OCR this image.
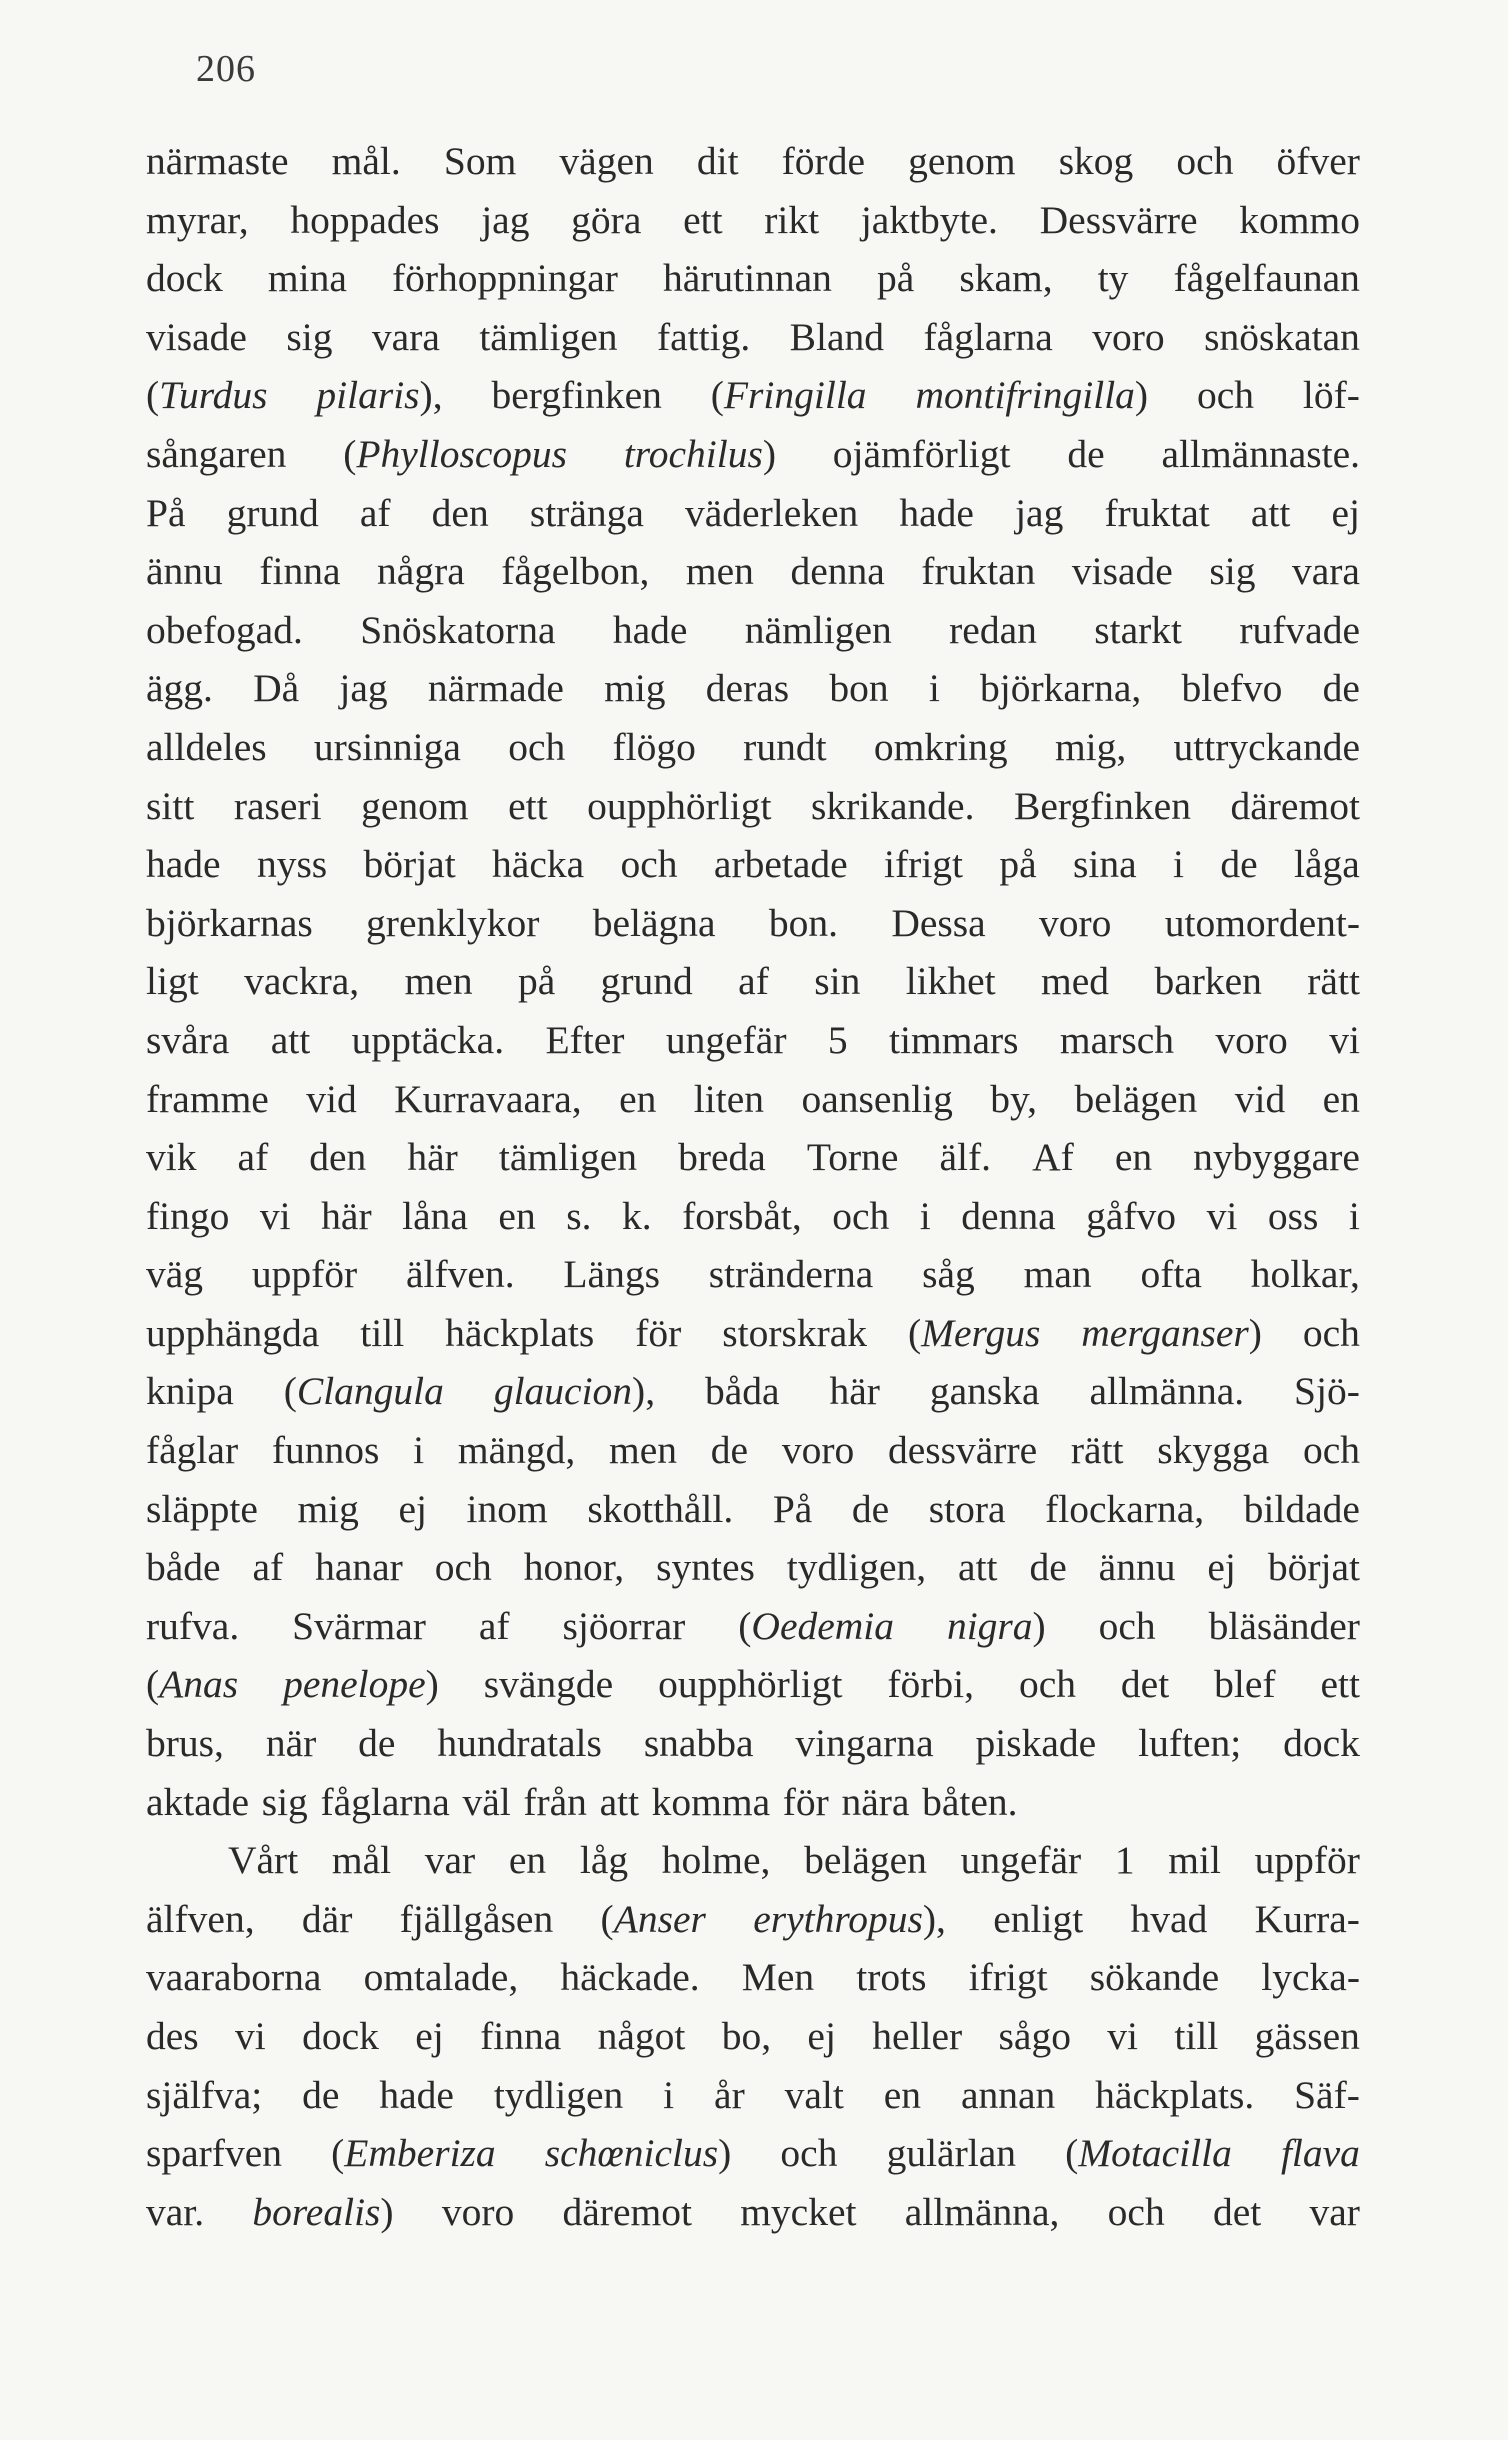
206
närmaste mål. Som vägen dit förde genom skog och öfver
myrar, hoppades jag göra ett rikt jaktbyte. Dessvärre kommo
dock mina förhoppningar härutinnan på skam, ty fågelfaunan
visade sig vara tämligen fattig. Bland fåglarna voro snöskatan
(Turdus pilaris), bergfinken (Fringilla montifringilla) och löf-
sångaren (Phylloscopus trochilus) ojämförligt de allmännaste.
På grund af den stränga väderleken hade jag fruktat att ej
ännu finna några fågelbon, men denna fruktan visade sig vara
obefogad. Snöskatorna hade nämligen redan starkt rufvade
ägg. Då jag närmade mig deras bon i björkarna, blefvo de
alldeles ursinniga och flögo rundt omkring mig, uttryckande
sitt raseri genom ett oupphörligt skrikande. Bergfinken däremot
hade nyss börjat häcka och arbetade ifrigt på sina i de låga
björkarnas grenklykor belägna bon. Dessa voro utomordent-
ligt vackra, men på grund af sin likhet med barken rätt
svåra att upptäcka. Efter ungefär 5 timmars marsch voro vi
framme vid Kurravaara, en liten oansenlig by, belägen vid en
vik af den här tämligen breda Torne älf. Af en nybyggare
fingo vi här låna en s. k. forsbåt, och i denna gåfvo vi oss i
väg uppför älfven. Längs stränderna såg man ofta holkar,
upphängda till häckplats för storskrak (Mergus merganser) och
knipa (Clangula glaucion), båda här ganska allmänna. Sjö-
fåglar funnos i mängd, men de voro dessvärre rätt skygga och
släppte mig ej inom skotthåll. På de stora flockarna, bildade
både af hanar och honor, syntes tydligen, att de ännu ej börjat
rufva. Svärmar af sjöorrar (Oedemia nigra) och bläsänder
(Anas penelope) svängde oupphörligt förbi, och det blef ett
brus, när de hundratals snabba vingarna piskade luften; dock
aktade sig fåglarna väl från att komma för nära båten.
Vårt mål var en låg holme, belägen ungefär 1 mil uppför
älfven, där fjällgåsen (Anser erythropus), enligt hvad Kurra-
vaaraborna omtalade, häckade. Men trots ifrigt sökande lycka-
des vi dock ej finna något bo, ej heller sågo vi till gässen
själfva; de hade tydligen i år valt en annan häckplats. Säf-
sparfven (Emberiza schœniclus) och gulärlan (Motacilla flava
var. borealis) voro däremot mycket allmänna, och det var
